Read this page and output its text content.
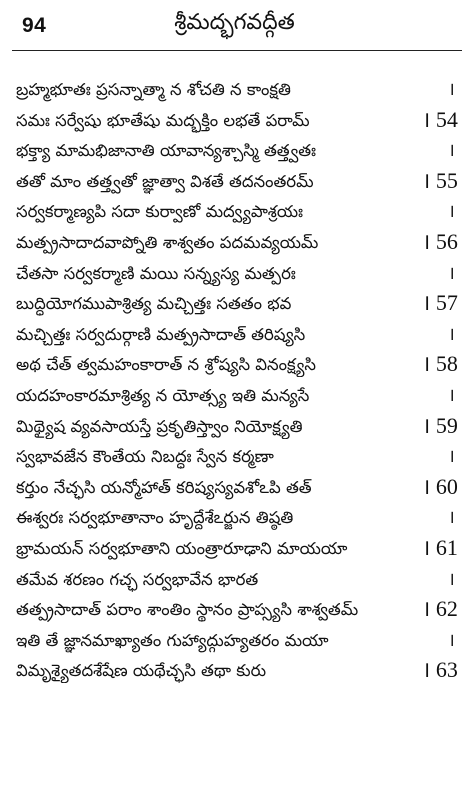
94	శ్రీమద్భగవద్గీత
బ్రహ్మభూతః ప్రసన్నాత్మా న శోచతి న కాంక్షతి	।
సమః సర్వేషు భూతేషు మద్భక్తిం లభతే పరామ్	। 54
భక్త్యా మామభిజానాతి యావాన్యశ్చాస్మి తత్త్వతః	।
తతో మాం తత్త్వతో జ్ఞాత్వా విశతే తదనంతరమ్	। 55
సర్వకర్మాణ్యపి సదా కుర్వాణో మద్వ్యపాశ్రయః	।
మత్ప్రసాదాదవాప్నోతి శాశ్వతం పదమవ్యయమ్	। 56
చేతసా సర్వకర్మాణి మయి సన్న్యస్య మత్పరః	।
బుద్ధియోగముపాశ్రిత్య మచ్చిత్తః సతతం భవ	। 57
మచ్చిత్తః సర్వదుర్గాణి మత్ప్రసాదాత్ తరిష్యసి	।
అథ చేత్ త్వమహంకారాత్ న శ్రోష్యసి వినంక్ష్యసి	। 58
యదహంకారమాశ్రిత్య న యోత్స్య ఇతి మన్యసే	।
మిథ్యైష వ్యవసాయస్తే ప్రకృతిస్త్వాం నియోక్ష్యతి	। 59
స్వభావజేన కౌంతేయ నిబద్ధః స్వేన కర్మణా	।
కర్తుం నేచ్ఛసి యన్మోహాత్ కరిష్యస్యవశోఽపి తత్	। 60
ఈశ్వరః సర్వభూతానాం హృద్దేశేఽర్జున తిష్ఠతి	।
భ్రామయన్ సర్వభూతాని యంత్రారూఢాని మాయయా	। 61
తమేవ శరణం గచ్ఛ సర్వభావేన భారత	।
తత్ప్రసాదాత్ పరాం శాంతిం స్థానం ప్రాప్స్యసి శాశ్వతమ్	। 62
ఇతి తే జ్ఞానమాఖ్యాతం గుహ్యాద్గుహ్యతరం మయా	।
విమృశ్యైతదశేషేణ యథేచ్ఛసి తథా కురు	। 63
